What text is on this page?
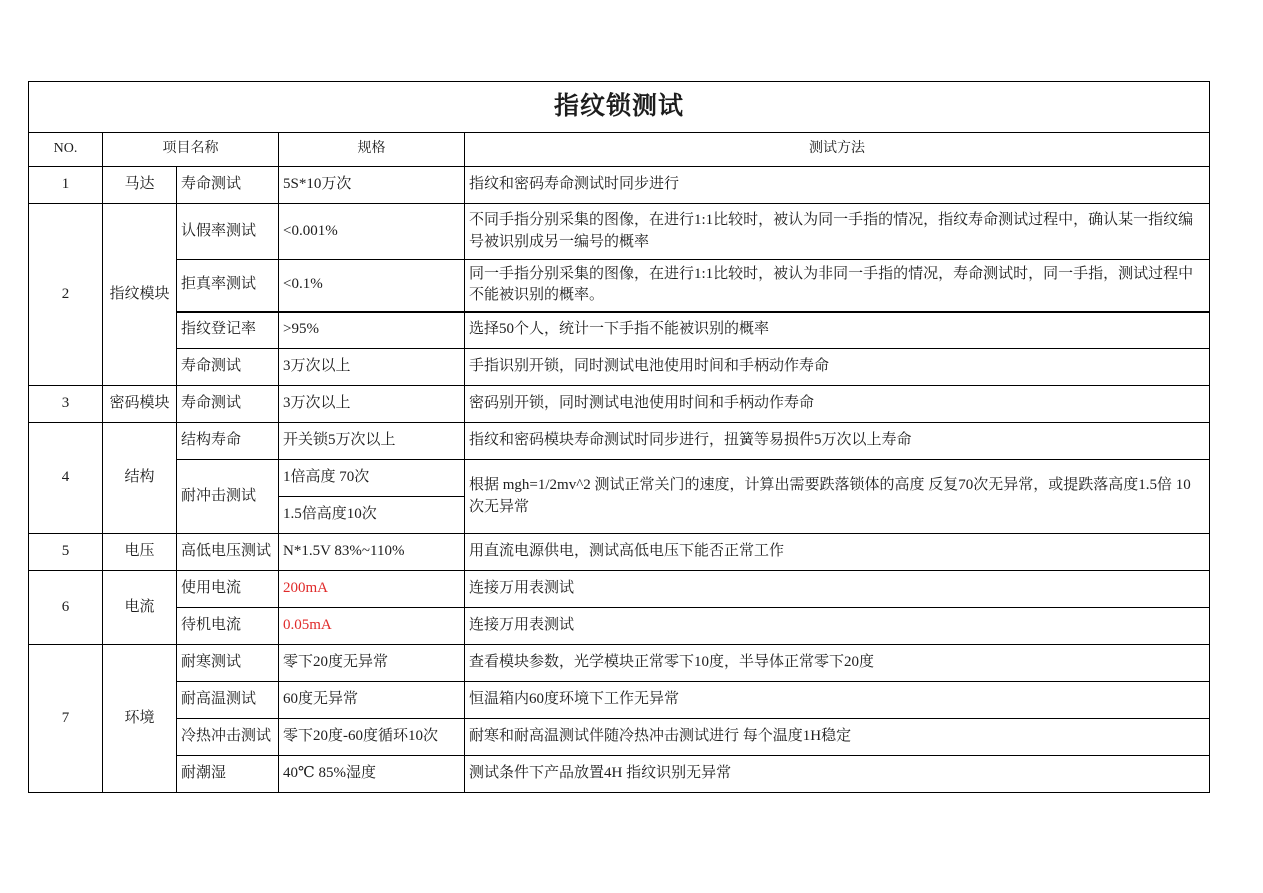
指纹锁测试				
NO.	项目名称		规格	测试方法
1	马达	寿命测试	5S*10万次	指纹和密码寿命测试时同步进行
2	指纹模块	认假率测试	<0.001%	不同手指分别采集的图像，在进行1:1比较时，被认为同一手指的情况，指纹寿命测试过程中，确认某一指纹编号被识别成另一编号的概率
		拒真率测试	<0.1%	同一手指分别采集的图像，在进行1:1比较时，被认为非同一手指的情况，寿命测试时，同一手指，测试过程中不能被识别的概率。
		指纹登记率	>95%	选择50个人，统计一下手指不能被识别的概率
		寿命测试	3万次以上	手指识别开锁，同时测试电池使用时间和手柄动作寿命
3	密码模块	寿命测试	3万次以上	密码别开锁，同时测试电池使用时间和手柄动作寿命
4	结构	结构寿命	开关锁5万次以上	指纹和密码模块寿命测试时同步进行，扭簧等易损件5万次以上寿命
		耐冲击测试	1倍高度 70次	根据 mgh=1/2mv^2 测试正常关门的速度，计算出需要跌落锁体的高度 反复70次无异常，或提跌落高度1.5倍 10次无异常
			1.5倍高度10次	
5	电压	高低电压测试	N*1.5V 83%~110%	用直流电源供电，测试高低电压下能否正常工作
6	电流	使用电流	200mA	连接万用表测试
		待机电流	0.05mA	连接万用表测试
7	环境	耐寒测试	零下20度无异常	查看模块参数，光学模块正常零下10度，半导体正常零下20度
		耐高温测试	60度无异常	恒温箱内60度环境下工作无异常
		冷热冲击测试	零下20度-60度循环10次	耐寒和耐高温测试伴随冷热冲击测试进行 每个温度1H稳定
		耐潮湿	40℃ 85%湿度	测试条件下产品放置4H 指纹识别无异常
